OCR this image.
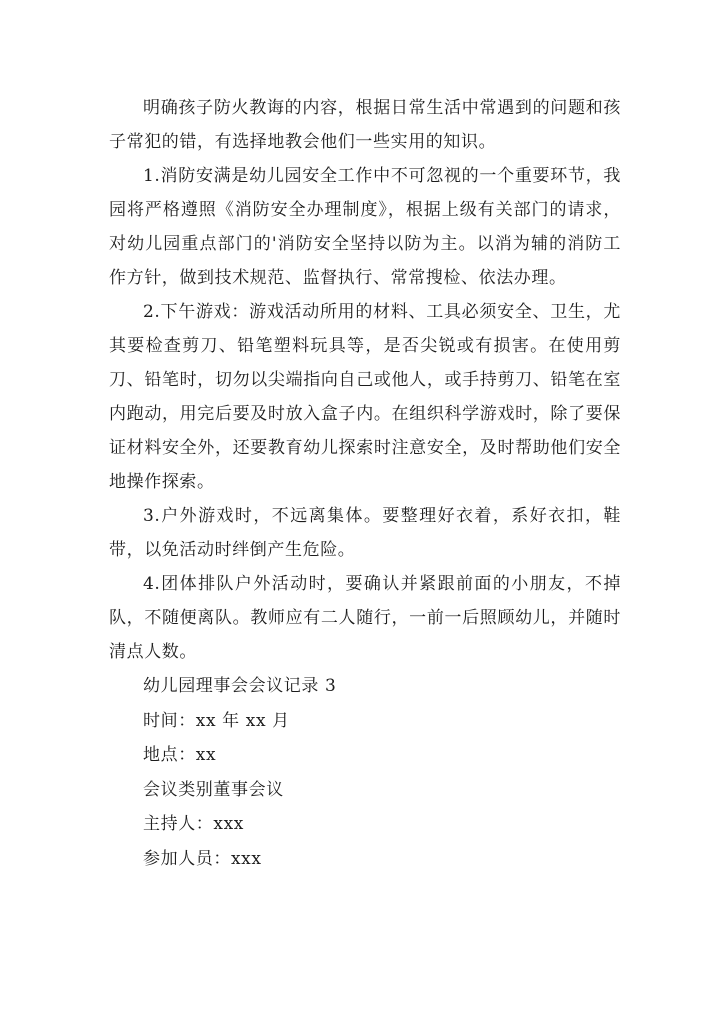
明确孩子防火教诲的内容，根据日常生活中常遇到的问题和孩子常犯的错，有选择地教会他们一些实用的知识。

1.消防安满是幼儿园安全工作中不可忽视的一个重要环节，我园将严格遵照《消防安全办理制度》，根据上级有关部门的请求，对幼儿园重点部门的'消防安全坚持以防为主。以消为辅的消防工作方针，做到技术规范、监督执行、常常搜检、依法办理。

2.下午游戏：游戏活动所用的材料、工具必须安全、卫生，尤其要检查剪刀、铅笔塑料玩具等，是否尖锐或有损害。在使用剪刀、铅笔时，切勿以尖端指向自己或他人，或手持剪刀、铅笔在室内跑动，用完后要及时放入盒子内。在组织科学游戏时，除了要保证材料安全外，还要教育幼儿探索时注意安全，及时帮助他们安全地操作探索。

3.户外游戏时，不远离集体。要整理好衣着，系好衣扣，鞋带，以免活动时绊倒产生危险。

4.团体排队户外活动时，要确认并紧跟前面的小朋友，不掉队，不随便离队。教师应有二人随行，一前一后照顾幼儿，并随时清点人数。

幼儿园理事会会议记录 3

时间：xx 年 xx 月

地点：xx

会议类别董事会议

主持人：xxx

参加人员：xxx
